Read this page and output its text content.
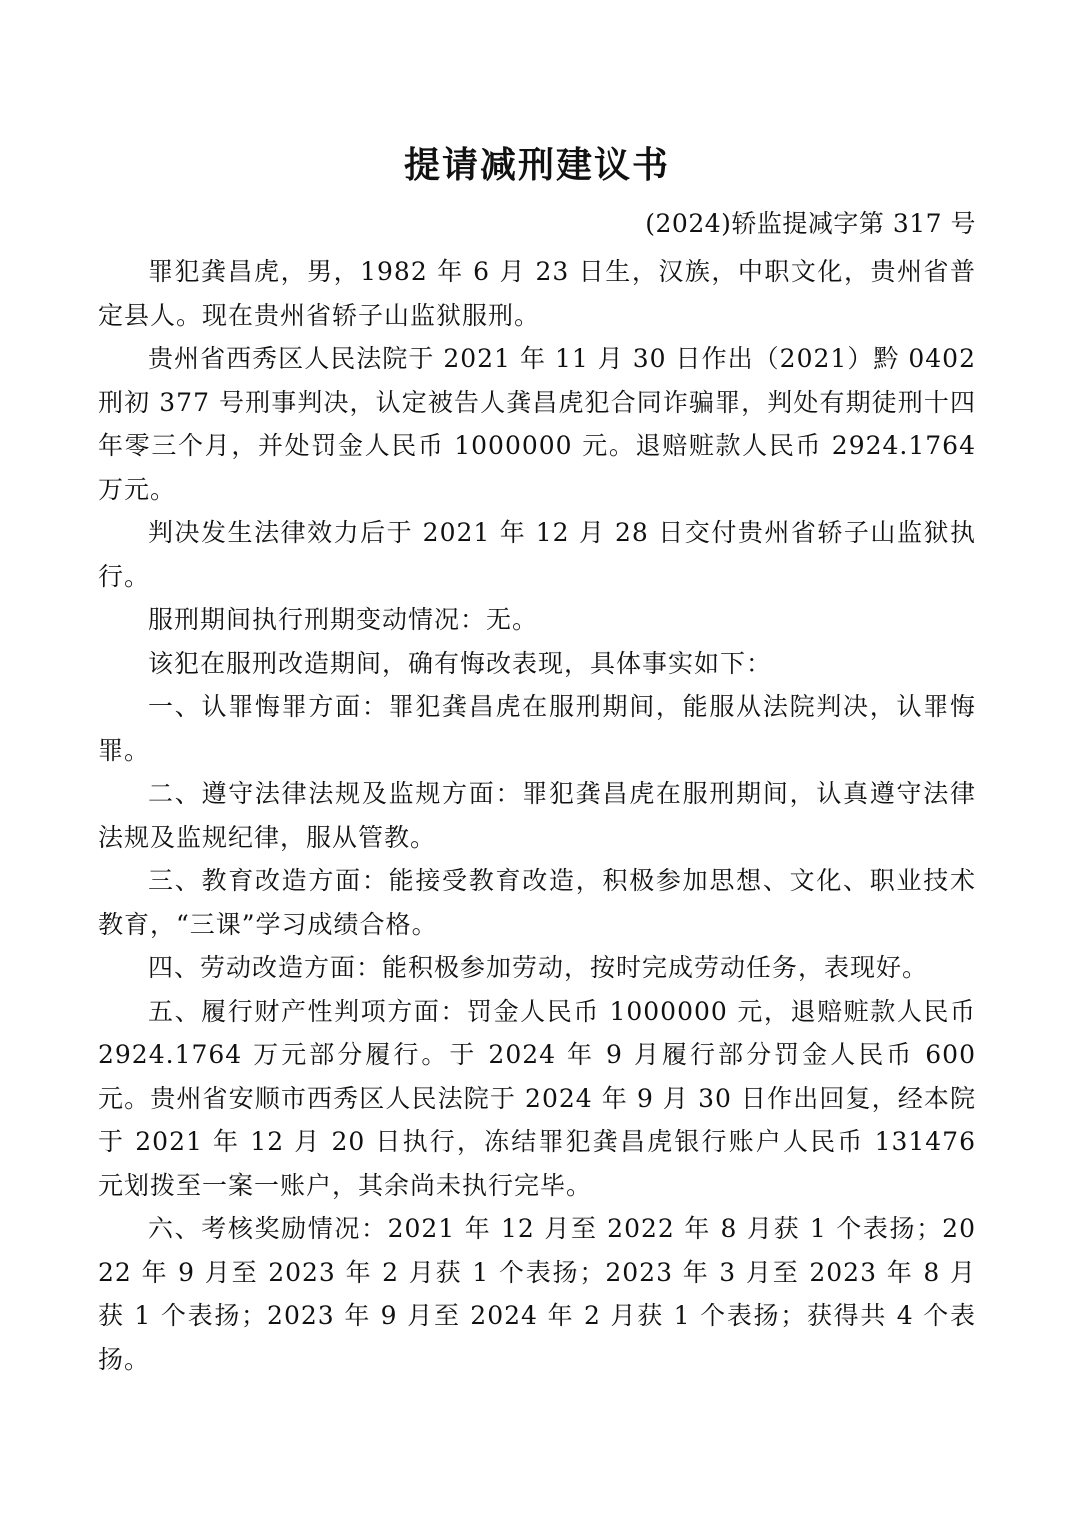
提请减刑建议书

(2024)轿监提减字第 317 号

罪犯龚昌虎，男，1982 年 6 月 23 日生，汉族，中职文化，贵州省普定县人。现在贵州省轿子山监狱服刑。

贵州省西秀区人民法院于 2021 年 11 月 30 日作出（2021）黔 0402 刑初 377 号刑事判决，认定被告人龚昌虎犯合同诈骗罪，判处有期徒刑十四年零三个月，并处罚金人民币 1000000 元。退赔赃款人民币 2924.1764 万元。

判决发生法律效力后于 2021 年 12 月 28 日交付贵州省轿子山监狱执行。

服刑期间执行刑期变动情况：无。

该犯在服刑改造期间，确有悔改表现，具体事实如下：

一、认罪悔罪方面：罪犯龚昌虎在服刑期间，能服从法院判决，认罪悔罪。

二、遵守法律法规及监规方面：罪犯龚昌虎在服刑期间，认真遵守法律法规及监规纪律，服从管教。

三、教育改造方面：能接受教育改造，积极参加思想、文化、职业技术教育，“三课”学习成绩合格。

四、劳动改造方面：能积极参加劳动，按时完成劳动任务，表现好。

五、履行财产性判项方面：罚金人民币 1000000 元，退赔赃款人民币 2924.1764 万元部分履行。于 2024 年 9 月履行部分罚金人民币 600 元。贵州省安顺市西秀区人民法院于 2024 年 9 月 30 日作出回复，经本院于 2021 年 12 月 20 日执行，冻结罪犯龚昌虎银行账户人民币 131476 元划拨至一案一账户，其余尚未执行完毕。

六、考核奖励情况：2021 年 12 月至 2022 年 8 月获 1 个表扬；2022 年 9 月至 2023 年 2 月获 1 个表扬；2023 年 3 月至 2023 年 8 月获 1 个表扬；2023 年 9 月至 2024 年 2 月获 1 个表扬；获得共 4 个表扬。
